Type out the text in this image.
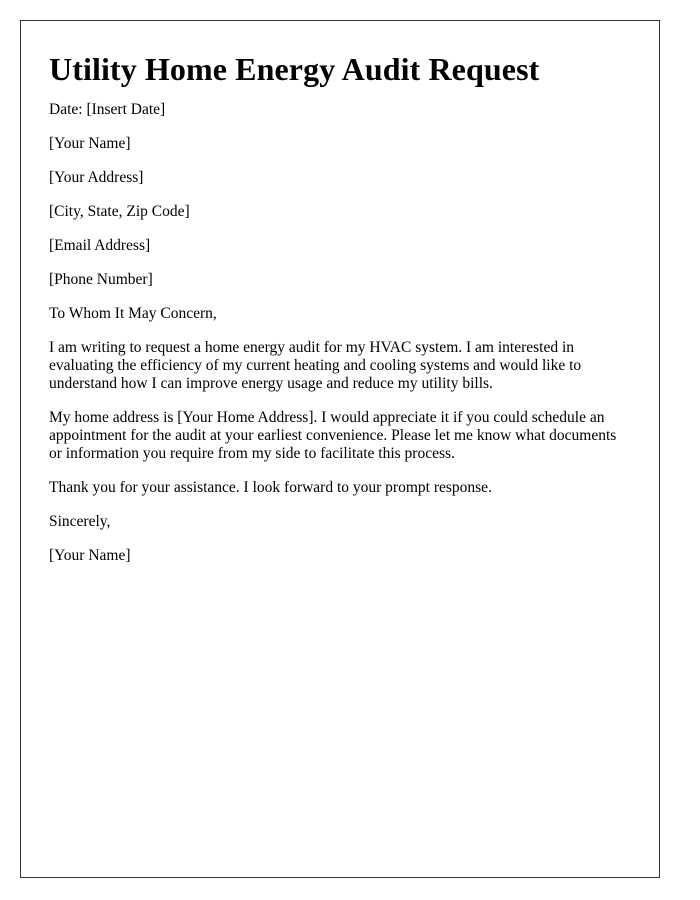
Utility Home Energy Audit Request

Date: [Insert Date]

[Your Name]

[Your Address]

[City, State, Zip Code]

[Email Address]

[Phone Number]

To Whom It May Concern,

I am writing to request a home energy audit for my HVAC system. I am interested in evaluating the efficiency of my current heating and cooling systems and would like to understand how I can improve energy usage and reduce my utility bills.

My home address is [Your Home Address]. I would appreciate it if you could schedule an appointment for the audit at your earliest convenience. Please let me know what documents or information you require from my side to facilitate this process.

Thank you for your assistance. I look forward to your prompt response.

Sincerely,

[Your Name]
